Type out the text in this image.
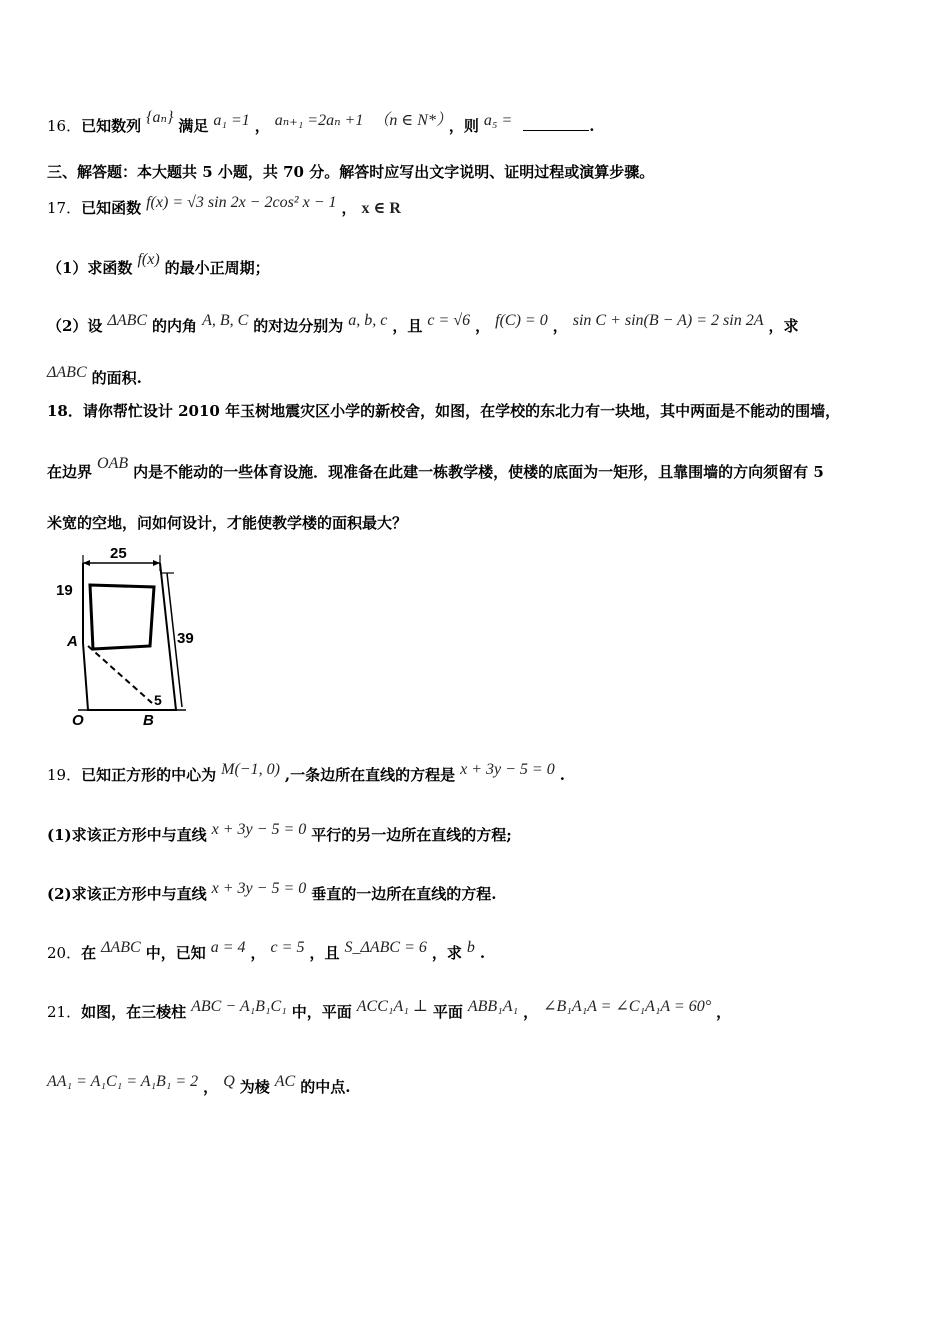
16．已知数列 {aₙ} 满足 a₁ =1 ， aₙ₊₁ =2aₙ +1 （n ∈ N*） ，则 a₅ =	.
三、解答题：本大题共 5 小题，共 70 分。解答时应写出文字说明、证明过程或演算步骤。
17．已知函数 f(x) = √3 sin 2x − 2cos² x − 1 ， x ∈ R
（1）求函数 f(x) 的最小正周期；
（2）设 ΔABC 的内角 A, B, C 的对边分别为 a, b, c ，且 c = √6 ， f(C) = 0 ， sin C + sin(B − A) = 2 sin 2A ，求
ΔABC 的面积.
18．请你帮忙设计 2010 年玉树地震灾区小学的新校舍，如图，在学校的东北力有一块地，其中两面是不能动的围墙，
在边界 OAB 内是不能动的一些体育设施．现准备在此建一栋教学楼，使楼的底面为一矩形，且靠围墙的方向须留有 5
米宽的空地，问如何设计，才能使教学楼的面积最大？
25
19
39
A
5
O	B
19．已知正方形的中心为 M(−1, 0) ,一条边所在直线的方程是 x + 3y − 5 = 0 .
(1)求该正方形中与直线 x + 3y − 5 = 0 平行的另一边所在直线的方程;
(2)求该正方形中与直线 x + 3y − 5 = 0 垂直的一边所在直线的方程.
20．在 ΔABC 中，已知 a = 4 ， c = 5 ，且 S_ΔABC = 6 ，求 b .
21．如图，在三棱柱 ABC − A₁B₁C₁ 中，平面 ACC₁A₁ ⊥ 平面 ABB₁A₁ ， ∠B₁A₁A = ∠C₁A₁A = 60° ，
AA₁ = A₁C₁ = A₁B₁ = 2 ， Q 为棱 AC 的中点.
